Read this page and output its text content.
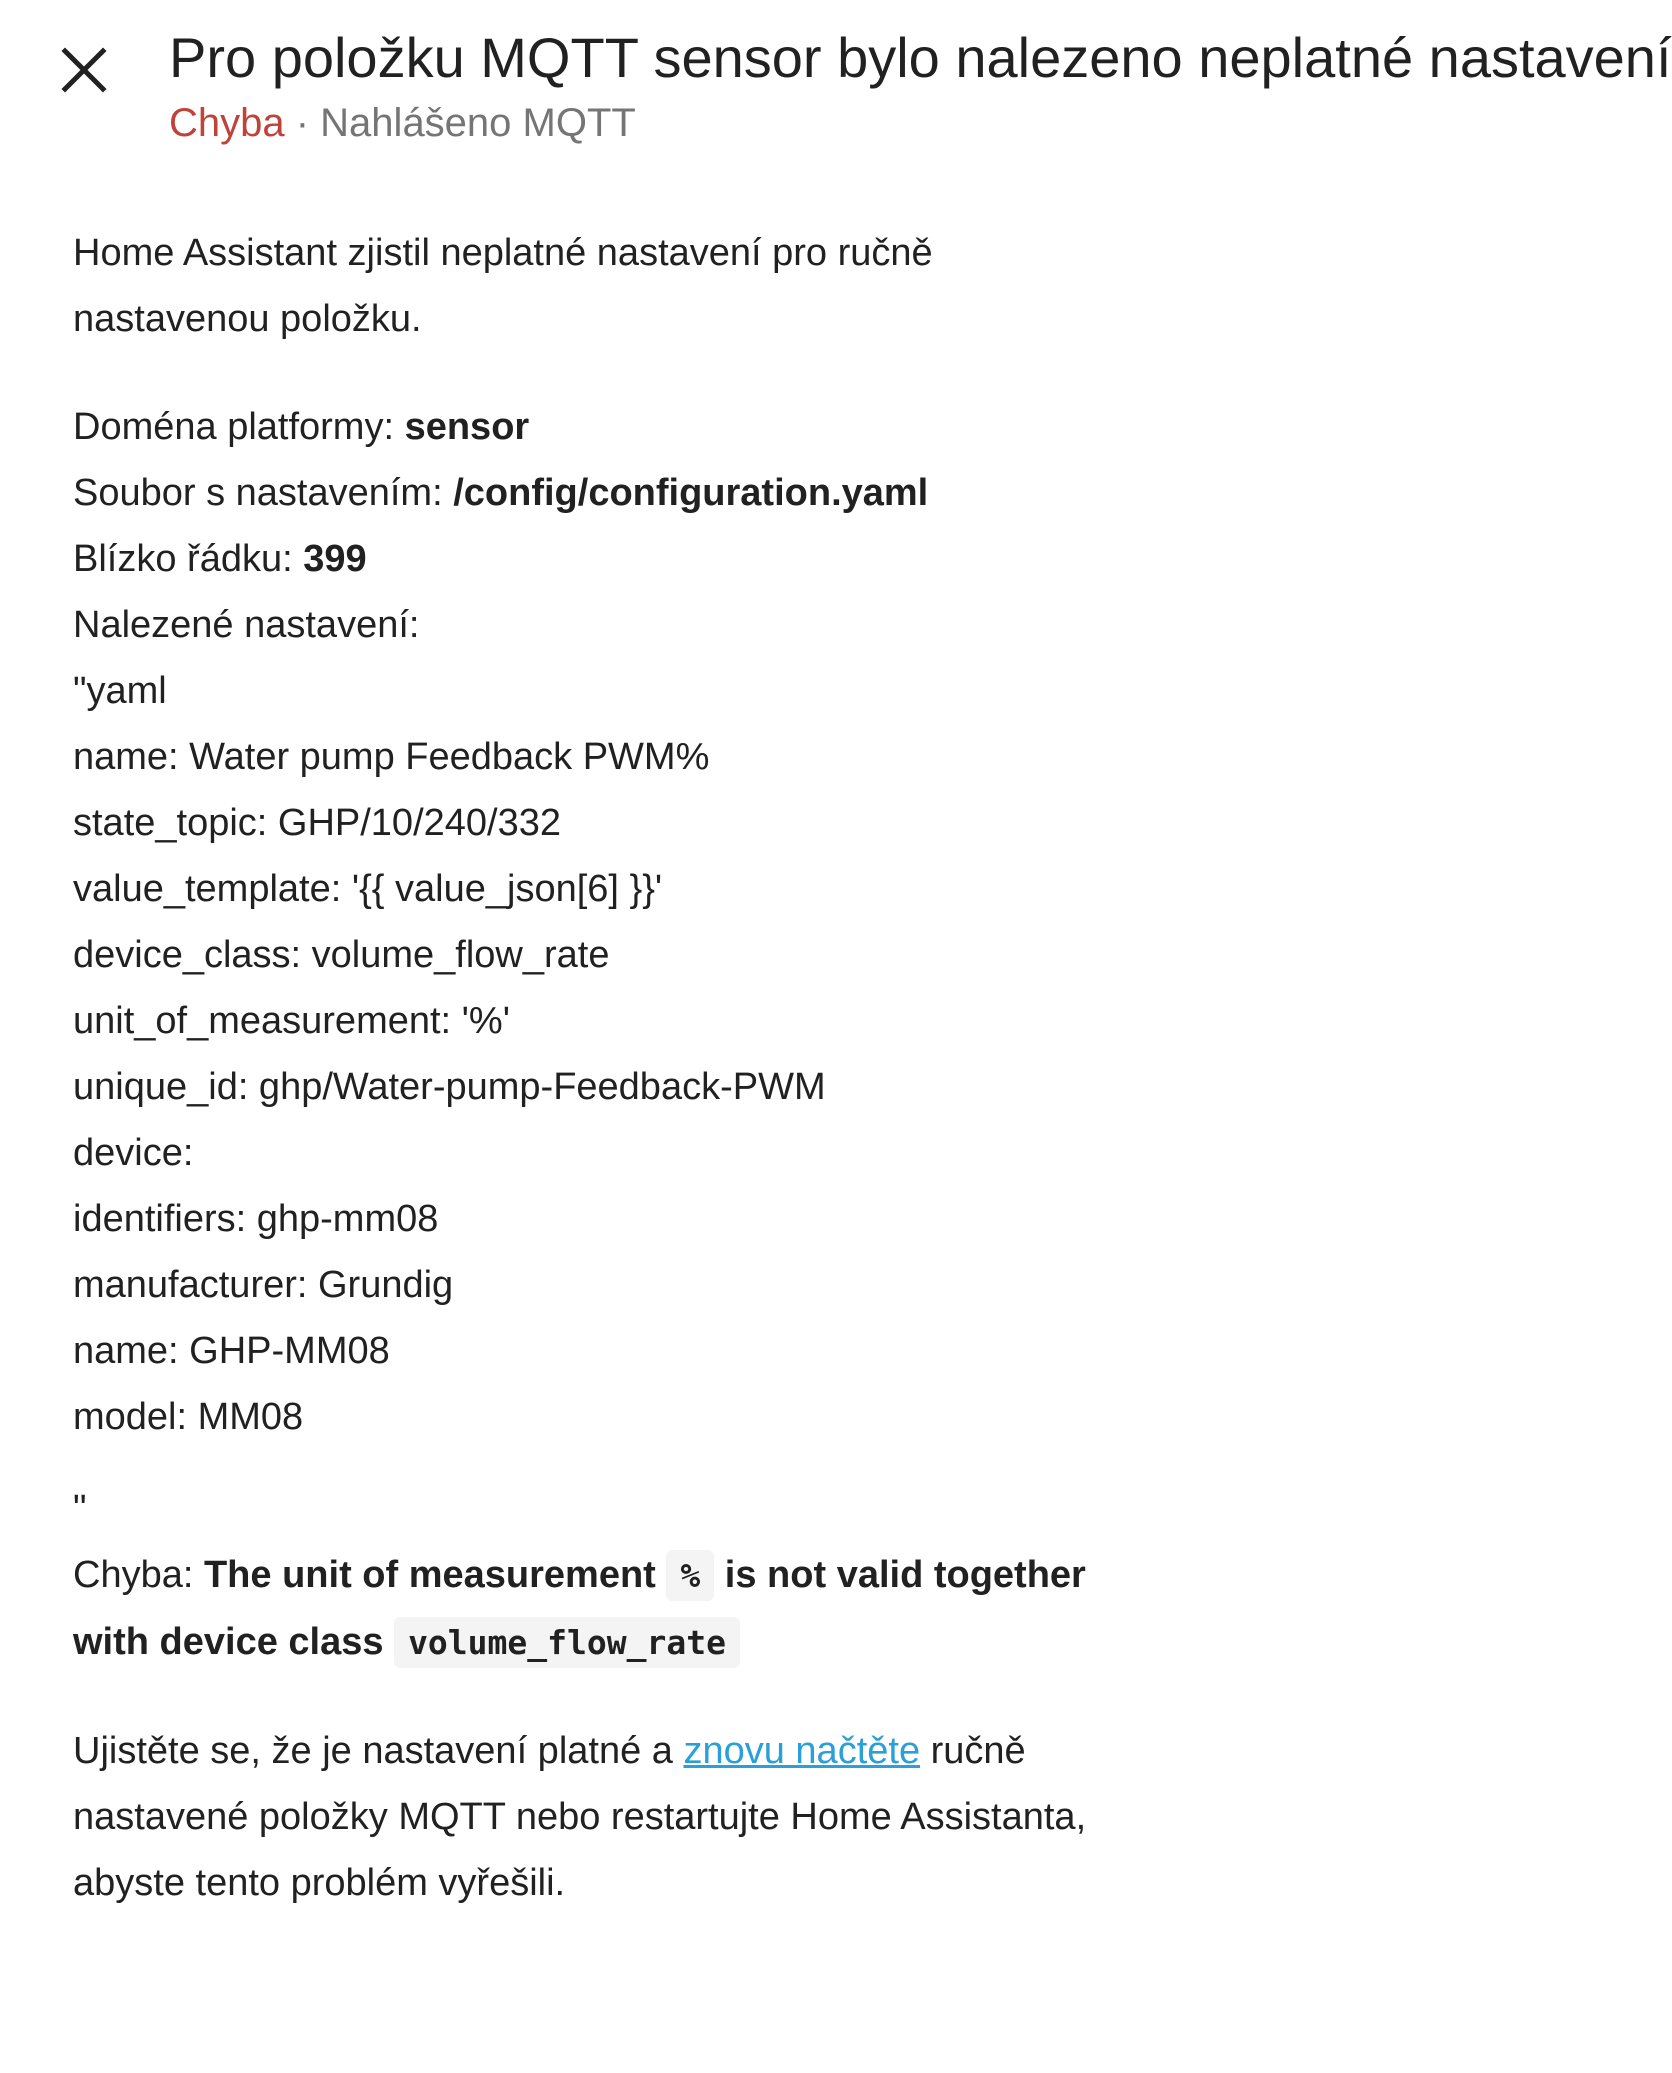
Pro položku MQTT sensor bylo nalezeno neplatné nastavení
Chyba · Nahlášeno MQTT

Home Assistant zjistil neplatné nastavení pro ručně nastavenou položku.

Doména platformy: sensor
Soubor s nastavením: /config/configuration.yaml
Blízko řádku: 399
Nalezené nastavení:
"yaml
name: Water pump Feedback PWM%
state_topic: GHP/10/240/332
value_template: '{{ value_json[6] }}'
device_class: volume_flow_rate
unit_of_measurement: '%'
unique_id: ghp/Water-pump-Feedback-PWM
device:
identifiers: ghp-mm08
manufacturer: Grundig
name: GHP-MM08
model: MM08
"

Chyba: The unit of measurement % is not valid together with device class volume_flow_rate

Ujistěte se, že je nastavení platné a znovu načtěte ručně nastavené položky MQTT nebo restartujte Home Assistanta, abyste tento problém vyřešili.
